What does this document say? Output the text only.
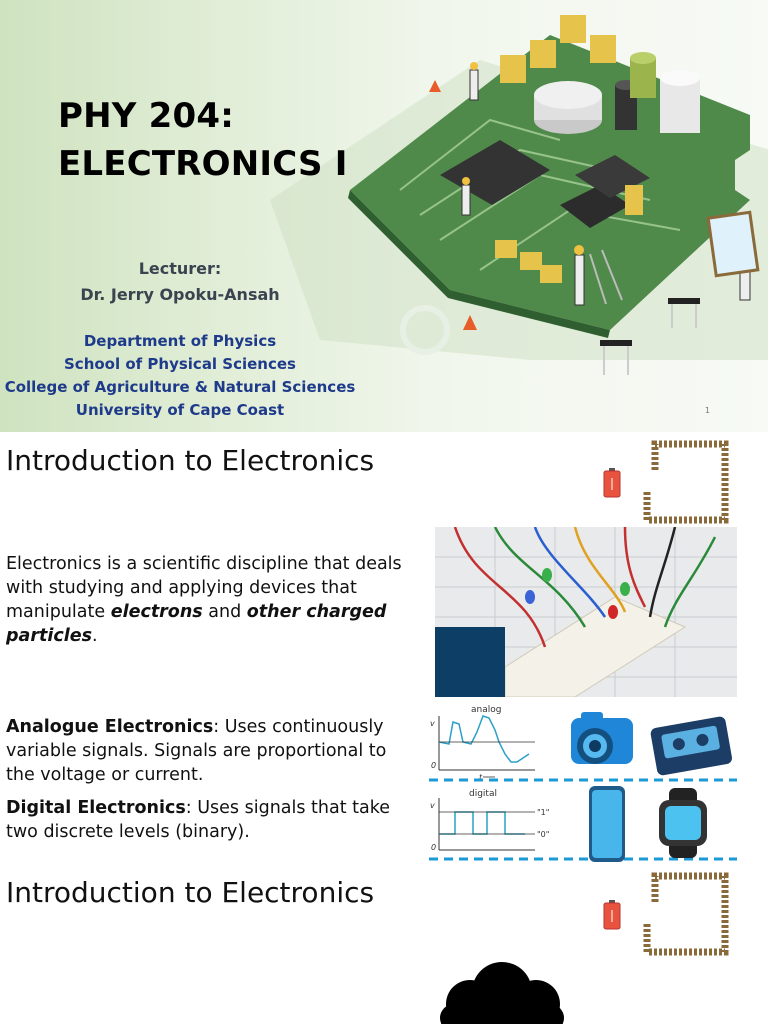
PHY 204:
ELECTRONICS I
Lecturer:
Dr. Jerry Opoku-Ansah
Department of Physics
School of Physical Sciences
College of Agriculture & Natural Sciences
University of Cape Coast	1
Introduction to Electronics
Electronics is a scientific discipline that deals with studying and applying devices that manipulate electrons and other charged particles.
analog
v
0
t
digital
v
0
"1"
"0"
Analogue Electronics: Uses continuously variable signals. Signals are proportional to the voltage or current.
Digital Electronics: Uses signals that take two discrete levels (binary).
Introduction to Electronics
